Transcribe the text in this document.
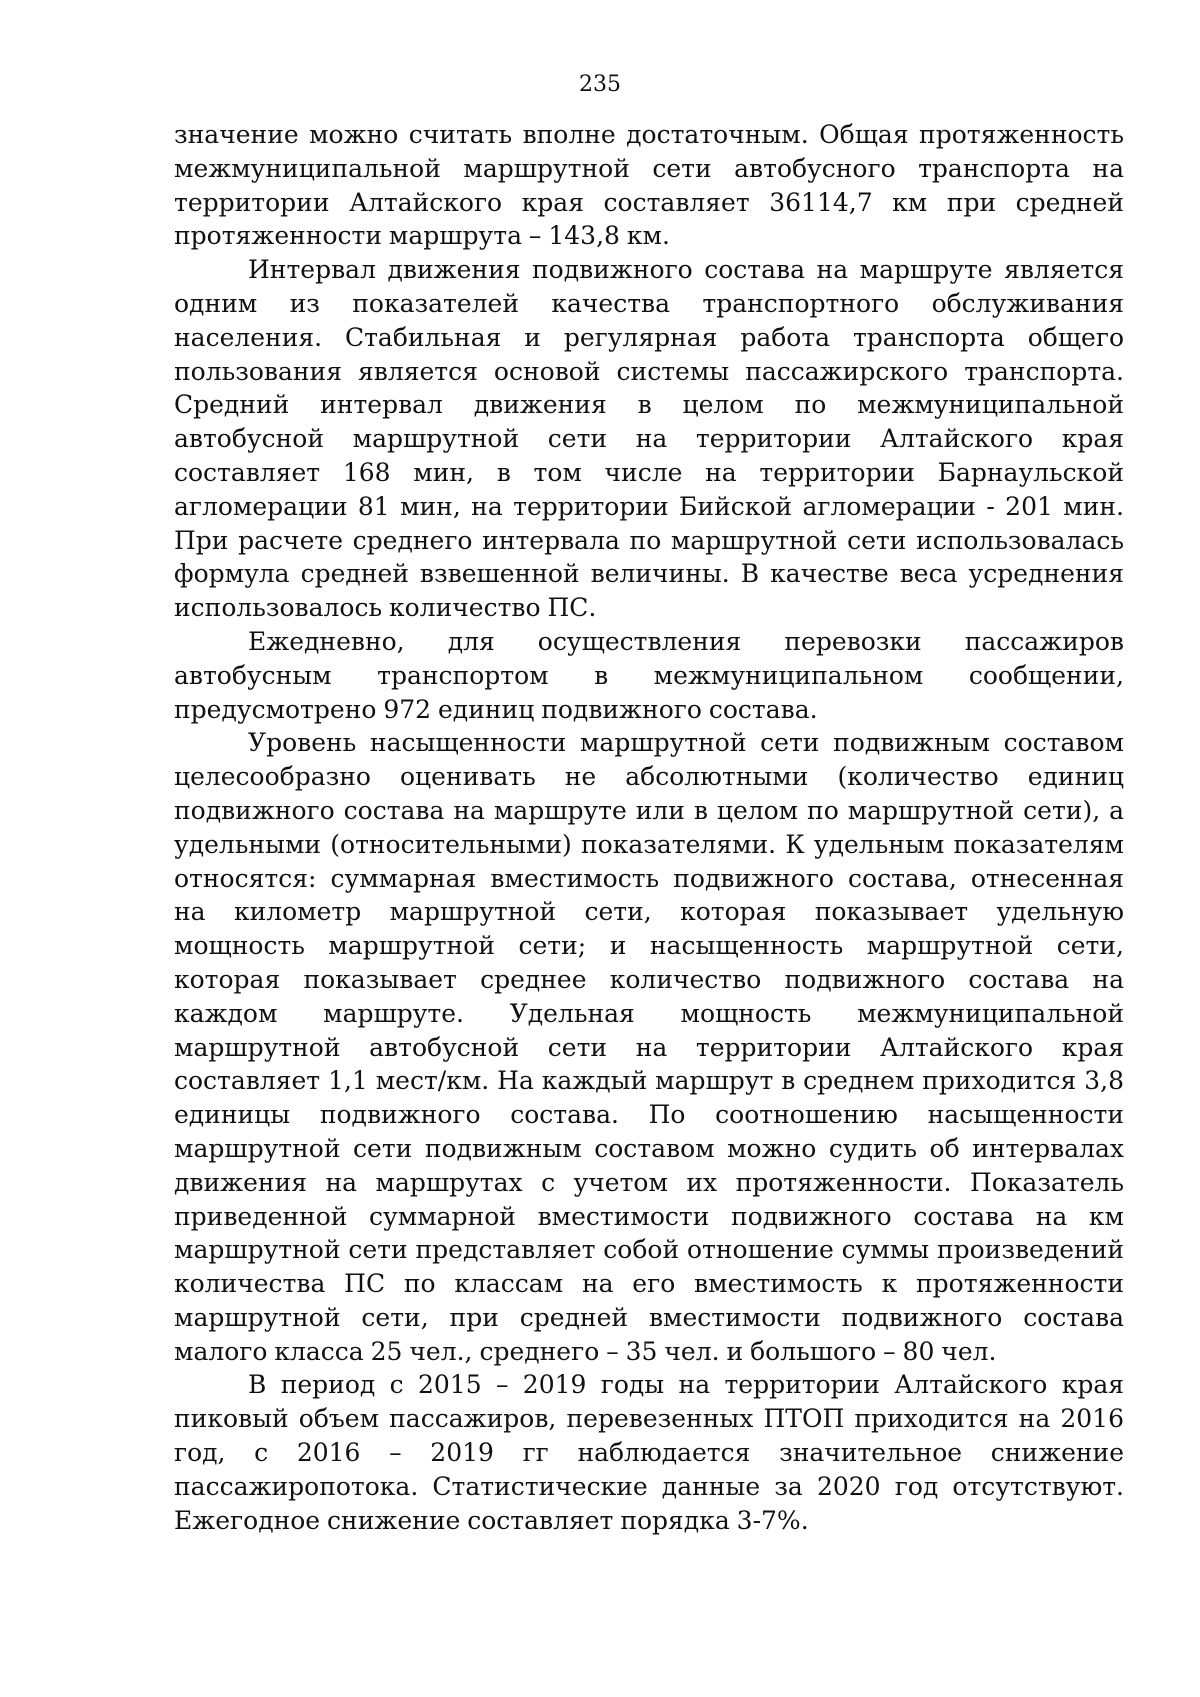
235

значение можно считать вполне достаточным. Общая протяженность межмуниципальной маршрутной сети автобусного транспорта на территории Алтайского края составляет 36114,7 км при средней протяженности маршрута – 143,8 км.

Интервал движения подвижного состава на маршруте является одним из показателей качества транспортного обслуживания населения. Стабильная и регулярная работа транспорта общего пользования является основой системы пассажирского транспорта. Средний интервал движения в целом по межмуниципальной автобусной маршрутной сети на территории Алтайского края составляет 168 мин, в том числе на территории Барнаульской агломерации 81 мин, на территории Бийской агломерации - 201 мин. При расчете среднего интервала по маршрутной сети использовалась формула средней взвешенной величины. В качестве веса усреднения использовалось количество ПС.

Ежедневно, для осуществления перевозки пассажиров автобусным транспортом в межмуниципальном сообщении, предусмотрено 972 единиц подвижного состава.

Уровень насыщенности маршрутной сети подвижным составом целесообразно оценивать не абсолютными (количество единиц подвижного состава на маршруте или в целом по маршрутной сети), а удельными (относительными) показателями. К удельным показателям относятся: суммарная вместимость подвижного состава, отнесенная на километр маршрутной сети, которая показывает удельную мощность маршрутной сети; и насыщенность маршрутной сети, которая показывает среднее количество подвижного состава на каждом маршруте. Удельная мощность межмуниципальной маршрутной автобусной сети на территории Алтайского края составляет 1,1 мест/км. На каждый маршрут в среднем приходится 3,8 единицы подвижного состава. По соотношению насыщенности маршрутной сети подвижным составом можно судить об интервалах движения на маршрутах с учетом их протяженности. Показатель приведенной суммарной вместимости подвижного состава на км маршрутной сети представляет собой отношение суммы произведений количества ПС по классам на его вместимость к протяженности маршрутной сети, при средней вместимости подвижного состава малого класса 25 чел., среднего – 35 чел. и большого – 80 чел.

В период с 2015 – 2019 годы на территории Алтайского края пиковый объем пассажиров, перевезенных ПТОП приходится на 2016 год, с 2016 – 2019 гг наблюдается значительное снижение пассажиропотока. Статистические данные за 2020 год отсутствуют. Ежегодное снижение составляет порядка 3-7%.
